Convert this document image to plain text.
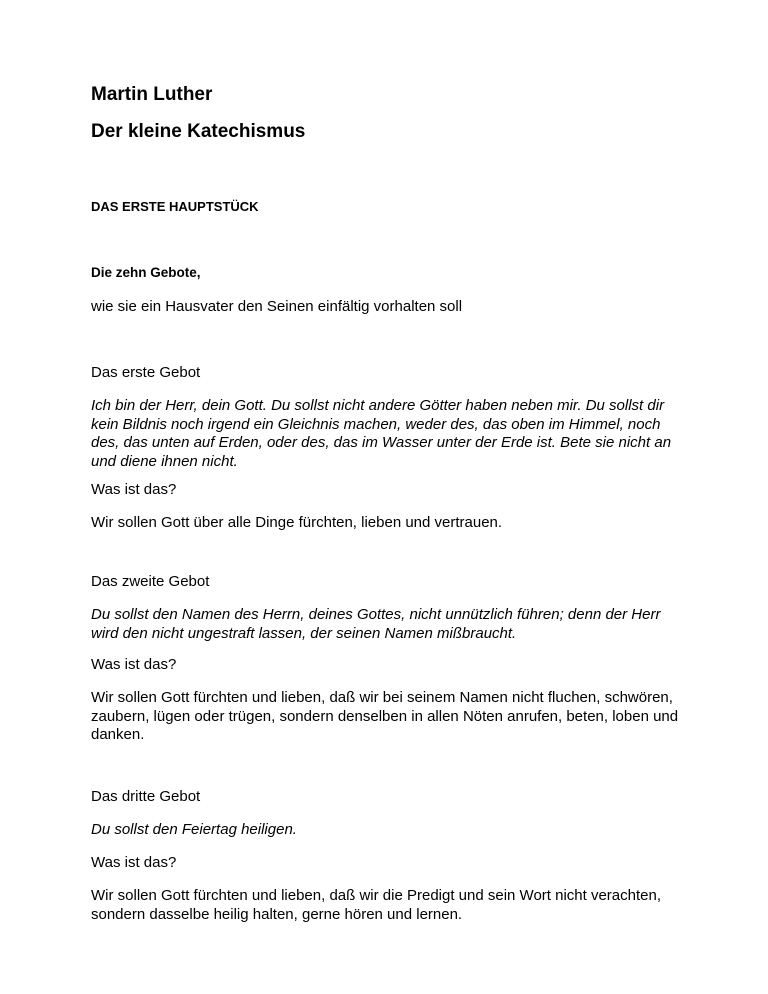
Martin Luther
Der kleine Katechismus
DAS ERSTE HAUPTSTÜCK

Die zehn Gebote,

wie sie ein Hausvater den Seinen einfältig vorhalten soll

Das erste Gebot

Ich bin der Herr, dein Gott. Du sollst nicht andere Götter haben neben mir. Du sollst dir kein Bildnis noch irgend ein Gleichnis machen, weder des, das oben im Himmel, noch des, das unten auf Erden, oder des, das im Wasser unter der Erde ist. Bete sie nicht an und diene ihnen nicht.

Was ist das?

Wir sollen Gott über alle Dinge fürchten, lieben und vertrauen.

Das zweite Gebot

Du sollst den Namen des Herrn, deines Gottes, nicht unnützlich führen; denn der Herr wird den nicht ungestraft lassen, der seinen Namen mißbraucht.

Was ist das?

Wir sollen Gott fürchten und lieben, daß wir bei seinem Namen nicht fluchen, schwören, zaubern, lügen oder trügen, sondern denselben in allen Nöten anrufen, beten, loben und danken.

Das dritte Gebot

Du sollst den Feiertag heiligen.

Was ist das?

Wir sollen Gott fürchten und lieben, daß wir die Predigt und sein Wort nicht verachten, sondern dasselbe heilig halten, gerne hören und lernen.
